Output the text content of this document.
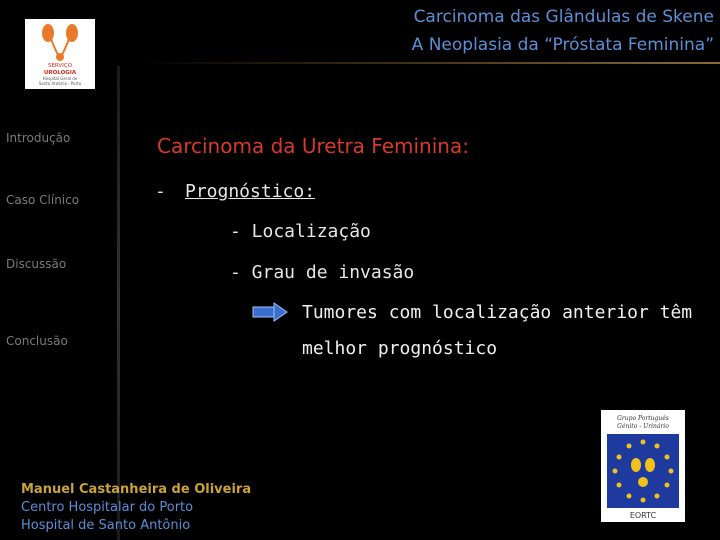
Carcinoma das Glândulas de Skene
A Neoplasia da “Próstata Feminina”
SERVIÇO
UROLOGIA
Hospital Geral de
Santo António - Porto
Introdução
Caso Clínico
Discussão
Conclusão
Carcinoma da Uretra Feminina:
- Prognóstico:
- Localização
- Grau de invasão
Tumores com localização anterior têm
melhor prognóstico
Manuel Castanheira de Oliveira
Centro Hospitalar do Porto
Hospital de Santo Antônio
Grupo Português
Génito - Urinário
EORTC
